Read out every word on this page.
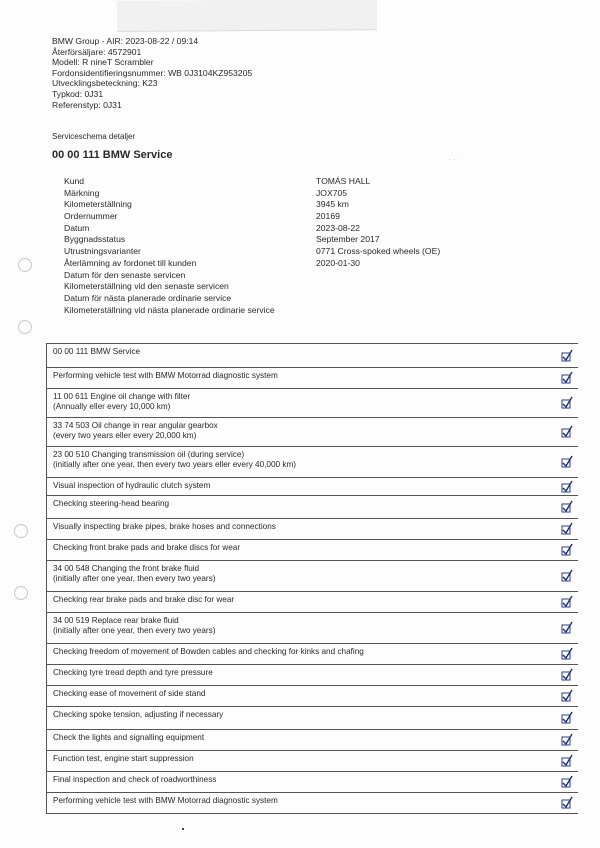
BMW Group - AIR: 2023-08-22 / 09:14
Återförsäljare: 4572901
Modell: R nineT Scrambler
Fordonsidentifieringsnummer: WB 0J3104KZ953205
Utvecklingsbeteckning: K23
Typkod: 0J31
Referenstyp: 0J31
Serviceschema detaljer
00 00 111 BMW Service	· · ˙
Kund	TOMÁS HALL
Märkning	JOX705
Kilometerställning	3945 km
Ordernummer	20169
Datum	2023-08-22
Byggnadsstatus	September 2017
Utrustningsvarianter	0771 Cross-spoked wheels (OE)
Återlämning av fordonet till kunden	2020-01-30
Datum för den senaste servicen
Kilometerställning vid den senaste servicen
Datum för nästa planerade ordinarie service
Kilometerställning vid nästa planerade ordinarie service
00 00 111 BMW Service
Performing vehicle test with BMW Motorrad diagnostic system
11 00 611 Engine oil change with filter
(Annually eller every 10,000 km)
33 74 503 Oil change in rear angular gearbox
(every two years eller every 20,000 km)
23 00 510 Changing transmission oil (during service)
(initially after one year, then every two years eller every 40,000 km)
Visual inspection of hydraulic clutch system
Checking steering-head bearing
Visually inspecting brake pipes, brake hoses and connections
Checking front brake pads and brake discs for wear
34 00 548 Changing the front brake fluid
(initially after one year, then every two years)
Checking rear brake pads and brake disc for wear
34 00 519 Replace rear brake fluid
(initially after one year, then every two years)
Checking freedom of movement of Bowden cables and checking for kinks and chafing
Checking tyre tread depth and tyre pressure
Checking ease of movement of side stand
Checking spoke tension, adjusting if necessary
Check the lights and signalling equipment
Function test, engine start suppression
Final inspection and check of roadworthiness
Performing vehicle test with BMW Motorrad diagnostic system
